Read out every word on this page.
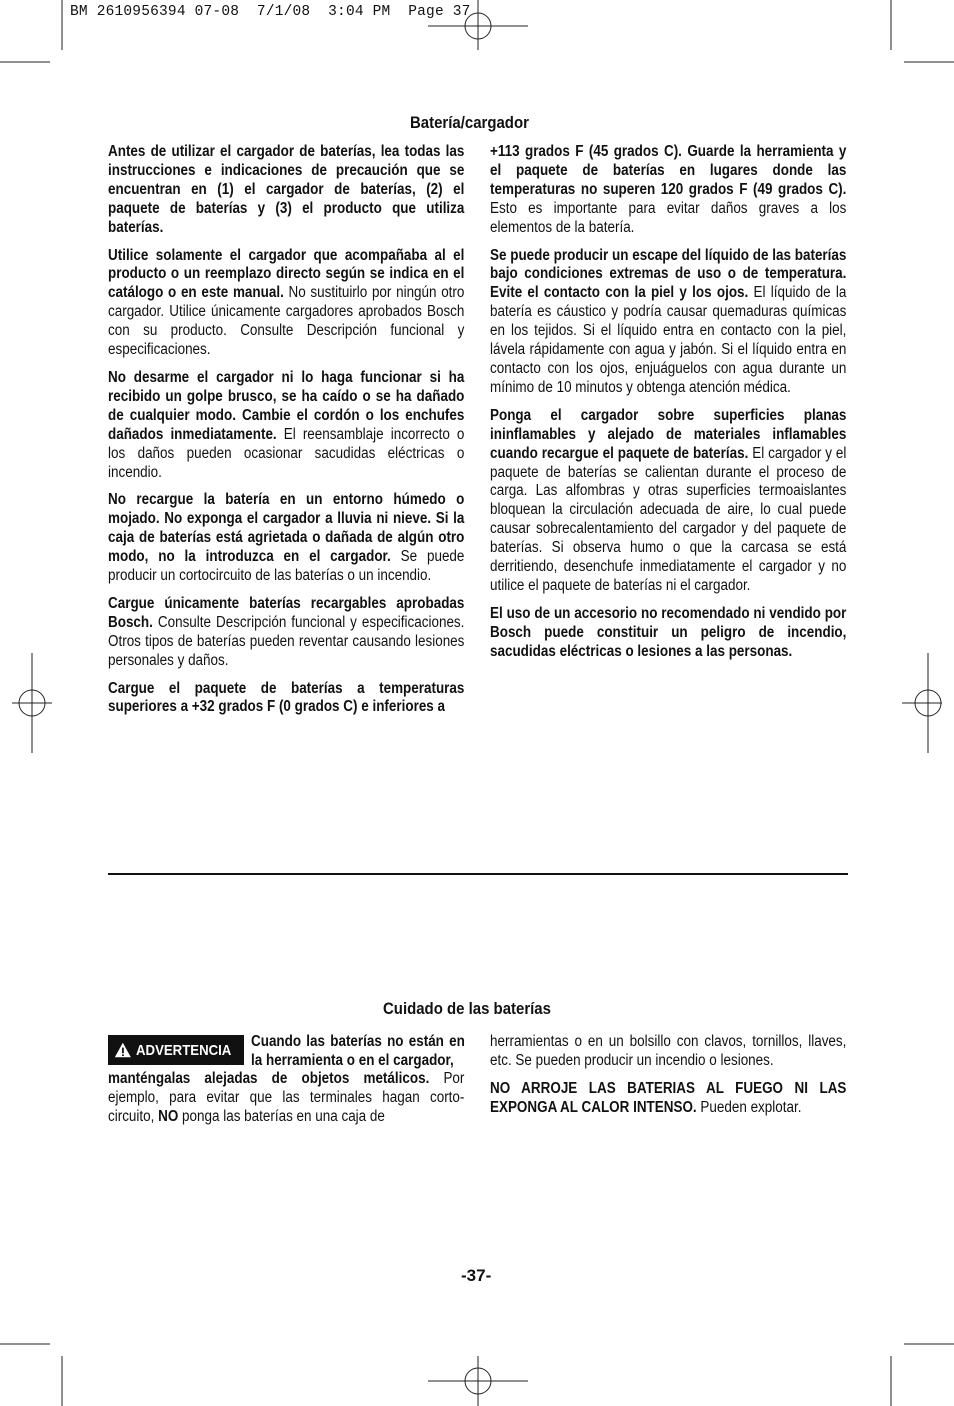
BM 2610956394 07-08  7/1/08  3:04 PM  Page 37
Batería/cargador

Antes de utilizar el cargador de baterías, lea todas las instrucciones e indicaciones de precaución que se encuentran en (1) el cargador de baterías, (2) el paquete de baterías y (3) el producto que utiliza baterías.

Utilice solamente el cargador que acompañaba al el producto o un reemplazo directo según se indica en el catálogo o en este manual. No sustituirlo por ningún otro cargador. Utilice únicamente cargadores aprobados Bosch con su producto. Consulte Descripción funcional y especificaciones.

No desarme el cargador ni lo haga funcionar si ha recibido un golpe brusco, se ha caído o se ha dañado de cualquier modo. Cambie el cordón o los enchufes dañados inmediatamente. El reensamblaje incorrecto o los daños pueden ocasionar sacudidas eléctricas o incendio.

No recargue la batería en un entorno húmedo o mojado. No exponga el cargador a lluvia ni nieve. Si la caja de baterías está agrietada o dañada de algún otro modo, no la introduzca en el cargador. Se puede producir un cortocircuito de las baterías o un incendio.

Cargue únicamente baterías recargables aprobadas Bosch. Consulte Descripción funcional y especificaciones. Otros tipos de baterías pueden reventar causando lesiones personales y daños.

Cargue el paquete de baterías a temperaturas superiores a +32 grados F (0 grados C) e inferiores a

+113 grados F (45 grados C). Guarde la herramienta y el paquete de baterías en lugares donde las temperaturas no superen 120 grados F (49 grados C). Esto es importante para evitar daños graves a los elementos de la batería.

Se puede producir un escape del líquido de las baterías bajo condiciones extremas de uso o de temperatura. Evite el contacto con la piel y los ojos. El líquido de la batería es cáustico y podría causar quemaduras químicas en los tejidos. Si el líquido entra en contacto con la piel, lávela rápidamente con agua y jabón. Si el líquido entra en contacto con los ojos, enjuáguelos con agua durante un mínimo de 10 minutos y obtenga atención médica.

Ponga el cargador sobre superficies planas ininflamables y alejado de materiales inflamables cuando recargue el paquete de baterías. El cargador y el paquete de baterías se calientan durante el proceso de carga. Las alfombras y otras superficies termoaislantes bloquean la circulación adecuada de aire, lo cual puede causar sobrecalentamiento del cargador y del paquete de baterías. Si observa humo o que la carcasa se está derritiendo, desenchufe inmediatamente el cargador y no utilice el paquete de baterías ni el cargador.

El uso de un accesorio no recomendado ni vendido por Bosch puede constituir un peligro de incendio, sacudidas eléctricas o lesiones a las personas.

Cuidado de las baterías
ADVERTENCIA Cuando las baterías no están en la herramienta o en el cargador,

manténgalas alejadas de objetos metálicos. Por ejemplo, para evitar que las terminales hagan corto-circuito, NO ponga las baterías en una caja de

herramientas o en un bolsillo con clavos, tornillos, llaves, etc. Se pueden producir un incendio o lesiones.

NO ARROJE LAS BATERIAS AL FUEGO NI LAS EXPONGA AL CALOR INTENSO. Pueden explotar.

-37-
